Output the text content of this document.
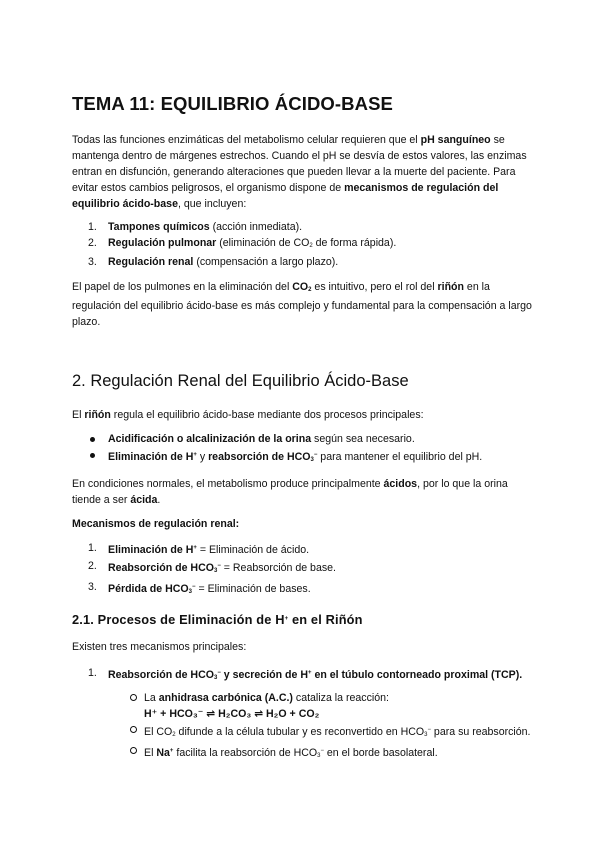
TEMA 11: EQUILIBRIO ÁCIDO-BASE

Todas las funciones enzimáticas del metabolismo celular requieren que el pH sanguíneo se mantenga dentro de márgenes estrechos. Cuando el pH se desvía de estos valores, las enzimas entran en disfunción, generando alteraciones que pueden llevar a la muerte del paciente. Para evitar estos cambios peligrosos, el organismo dispone de mecanismos de regulación del equilibrio ácido-base, que incluyen:

1. Tampones químicos (acción inmediata).
2. Regulación pulmonar (eliminación de $CO_2$ de forma rápida).
3. Regulación renal (compensación a largo plazo).

El papel de los pulmones en la eliminación del $CO_2$ es intuitivo, pero el rol del riñón en la regulación del equilibrio ácido-base es más complejo y fundamental para la compensación a largo plazo.

2. Regulación Renal del Equilibrio Ácido-Base

El riñón regula el equilibrio ácido-base mediante dos procesos principales:

Acidificación o alcalinización de la orina según sea necesario.
Eliminación de H+ y reabsorción de $HCO_3^-$ para mantener el equilibrio del pH.

En condiciones normales, el metabolismo produce principalmente ácidos, por lo que la orina tiende a ser ácida.

Mecanismos de regulación renal:

1. Eliminación de H+ = Eliminación de ácido.
2. Reabsorción de $HCO_3^-$ = Reabsorción de base.
3. Pérdida de $HCO_3^-$ = Eliminación de bases.
2.1. Procesos de Eliminación de H+ en el Riñón

Existen tres mecanismos principales:

1. Reabsorción de $HCO_3^-$ y secreción de H+ en el túbulo contorneado proximal (TCP).
La anhidrasa carbónica (A.C.) cataliza la reacción:
H⁺ + HCO₃⁻ ⇌ H₂CO₃ ⇌ H₂O + CO₂
El $CO_2$ difunde a la célula tubular y es reconvertido en $HCO_3^-$ para su reabsorción.
El Na+ facilita la reabsorción de $HCO_3^-$ en el borde basolateral.
